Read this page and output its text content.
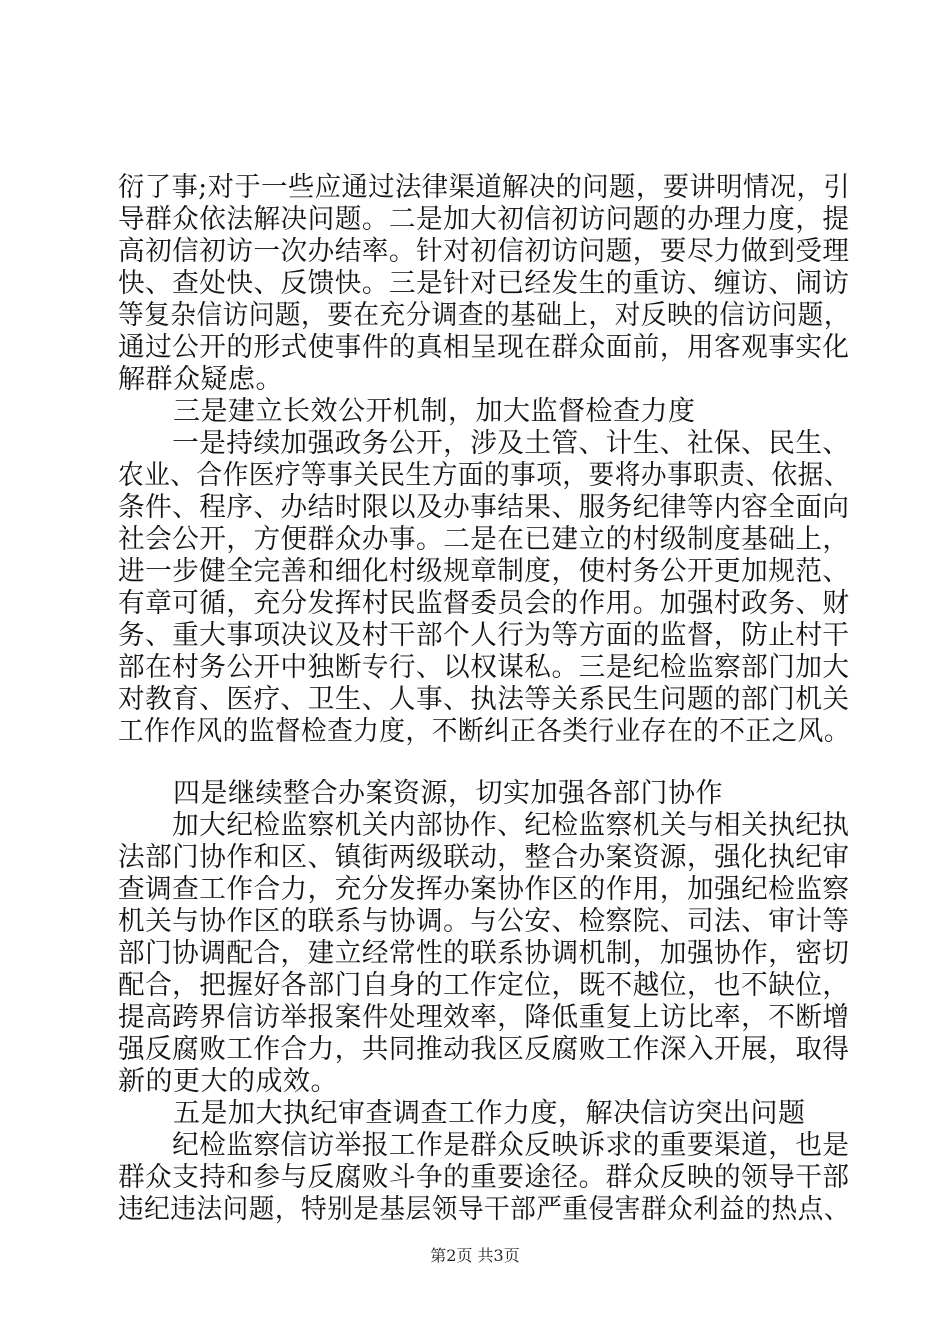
衍了事;对于一些应通过法律渠道解决的问题，要讲明情况，引
导群众依法解决问题。二是加大初信初访问题的办理力度，提
高初信初访一次办结率。针对初信初访问题，要尽力做到受理
快、查处快、反馈快。三是针对已经发生的重访、缠访、闹访
等复杂信访问题，要在充分调查的基础上，对反映的信访问题，
通过公开的形式使事件的真相呈现在群众面前，用客观事实化
解群众疑虑。
　　三是建立长效公开机制，加大监督检查力度
　　一是持续加强政务公开，涉及土管、计生、社保、民生、
农业、合作医疗等事关民生方面的事项，要将办事职责、依据、
条件、程序、办结时限以及办事结果、服务纪律等内容全面向
社会公开，方便群众办事。二是在已建立的村级制度基础上，
进一步健全完善和细化村级规章制度，使村务公开更加规范、
有章可循，充分发挥村民监督委员会的作用。加强村政务、财
务、重大事项决议及村干部个人行为等方面的监督，防止村干
部在村务公开中独断专行、以权谋私。三是纪检监察部门加大
对教育、医疗、卫生、人事、执法等关系民生问题的部门机关
工作作风的监督检查力度，不断纠正各类行业存在的不正之风。
　　四是继续整合办案资源，切实加强各部门协作
　　加大纪检监察机关内部协作、纪检监察机关与相关执纪执
法部门协作和区、镇街两级联动，整合办案资源，强化执纪审
查调查工作合力，充分发挥办案协作区的作用，加强纪检监察
机关与协作区的联系与协调。与公安、检察院、司法、审计等
部门协调配合，建立经常性的联系协调机制，加强协作，密切
配合，把握好各部门自身的工作定位，既不越位，也不缺位，
提高跨界信访举报案件处理效率，降低重复上访比率，不断增
强反腐败工作合力，共同推动我区反腐败工作深入开展，取得
新的更大的成效。
　　五是加大执纪审查调查工作力度，解决信访突出问题
　　纪检监察信访举报工作是群众反映诉求的重要渠道，也是
群众支持和参与反腐败斗争的重要途径。群众反映的领导干部
违纪违法问题，特别是基层领导干部严重侵害群众利益的热点、
第2页 共3页
